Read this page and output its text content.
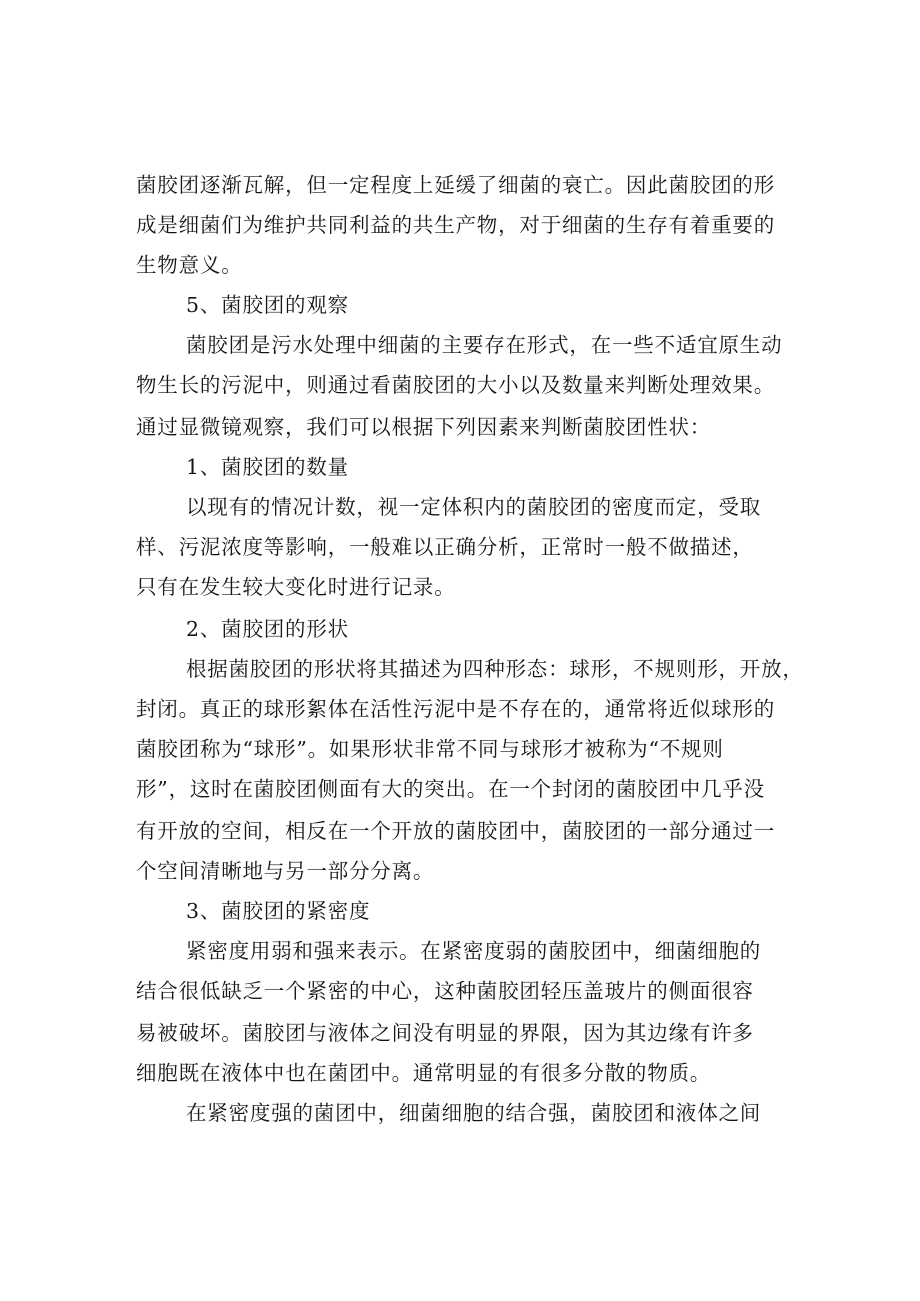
菌胶团逐渐瓦解，但一定程度上延缓了细菌的衰亡。因此菌胶团的形
成是细菌们为维护共同利益的共生产物，对于细菌的生存有着重要的
生物意义。
5、菌胶团的观察
菌胶团是污水处理中细菌的主要存在形式，在一些不适宜原生动
物生长的污泥中，则通过看菌胶团的大小以及数量来判断处理效果。
通过显微镜观察，我们可以根据下列因素来判断菌胶团性状：
1、菌胶团的数量
以现有的情况计数，视一定体积内的菌胶团的密度而定，受取
样、污泥浓度等影响，一般难以正确分析，正常时一般不做描述，
只有在发生较大变化时进行记录。
2、菌胶团的形状
根据菌胶团的形状将其描述为四种形态：球形，不规则形，开放，
封闭。真正的球形絮体在活性污泥中是不存在的，通常将近似球形的
菌胶团称为“球形”。如果形状非常不同与球形才被称为“不规则
形”，这时在菌胶团侧面有大的突出。在一个封闭的菌胶团中几乎没
有开放的空间，相反在一个开放的菌胶团中，菌胶团的一部分通过一
个空间清晰地与另一部分分离。
3、菌胶团的紧密度
紧密度用弱和强来表示。在紧密度弱的菌胶团中，细菌细胞的
结合很低缺乏一个紧密的中心，这种菌胶团轻压盖玻片的侧面很容
易被破坏。菌胶团与液体之间没有明显的界限，因为其边缘有许多
细胞既在液体中也在菌团中。通常明显的有很多分散的物质。
在紧密度强的菌团中，细菌细胞的结合强，菌胶团和液体之间
